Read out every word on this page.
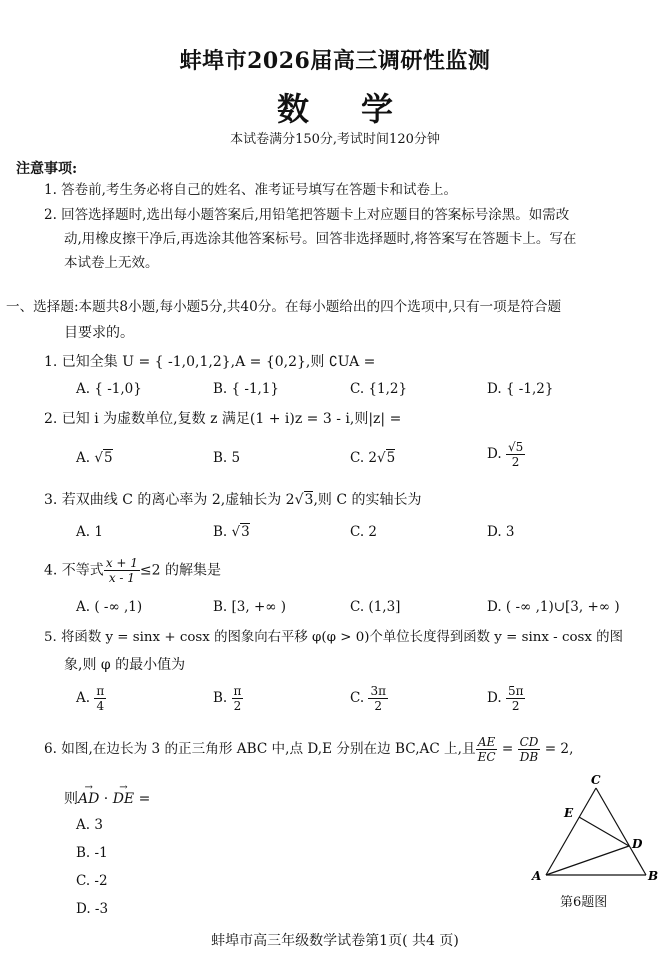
蚌埠市2026届高三调研性监测
数 学
本试卷满分150分,考试时间120分钟
注意事项:
1. 答卷前,考生务必将自己的姓名、准考证号填写在答题卡和试卷上。
2. 回答选择题时,选出每小题答案后,用铅笔把答题卡上对应题目的答案标号涂黑。如需改
动,用橡皮擦干净后,再选涂其他答案标号。回答非选择题时,将答案写在答题卡上。写在
本试卷上无效。
一、选择题:本题共8小题,每小题5分,共40分。在每小题给出的四个选项中,只有一项是符合题
目要求的。
1. 已知全集 U = { -1,0,1,2},A = {0,2},则 ∁UA =
A. { -1,0}	B. { -1,1}	C. {1,2}	D. { -1,2}
2. 已知 i 为虚数单位,复数 z 满足(1 + i)z = 3 - i,则|z| =
A. √5	B. 5	C. 2√5	D. $\frac{√5}{2}$
3. 若双曲线 C 的离心率为 2,虚轴长为 2√3,则 C 的实轴长为
A. 1	B. √3	C. 2	D. 3
4. 不等式 $\frac{x + 1}{x - 1} \le 2$ 的解集是
A. ( -∞ ,1)	B. [3, +∞ )	C. (1,3]	D. ( -∞ ,1)∪[3, +∞ )
5. 将函数 y = sinx + cosx 的图象向右平移 φ(φ > 0)个单位长度得到函数 y = sinx - cosx 的图
象,则 φ 的最小值为
A. $\frac{\pi}{4}$	B. $\frac{\pi}{2}$	C. $\frac{3\pi}{2}$	D. $\frac{5\pi}{2}$
6. 如图,在边长为 3 的正三角形 ABC 中,点 D,E 分别在边 BC,AC 上,且 $\frac{AE}{EC} = \frac{CD}{DB} = 2$,
则→ AD · → DE =
A. 3
B. -1
C. -2
D. -3
C
A	B
D
E
第6题图
蚌埠市高三年级数学试卷第1页( 共4 页)
